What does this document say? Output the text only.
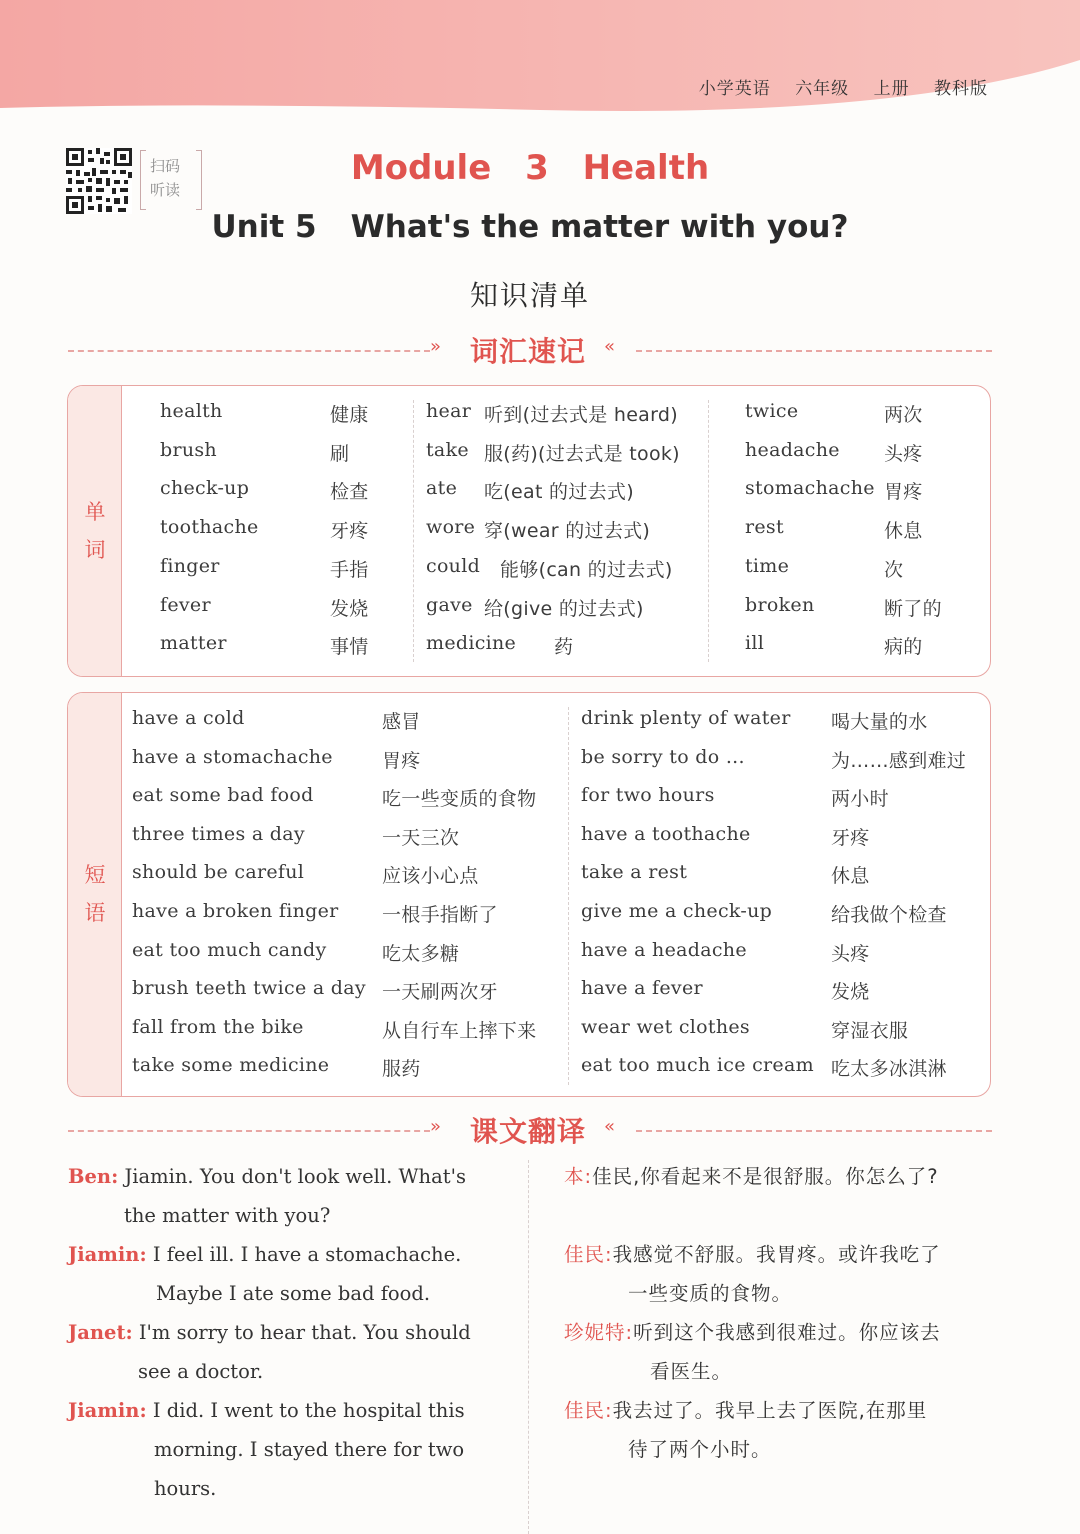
小学英语 六年级 上册 教科版
扫码
听读
Module 3 Health
Unit 5 What's the matter with you?
知识清单
» 词汇速记 «
单
词
health	健康
brush	刷
check-up	检查
toothache	牙疼
finger	手指
fever	发烧
matter	事情
hear 听到(过去式是 heard)
take 服(药)(过去式是 took)
ate 吃(eat 的过去式)
wore 穿(wear 的过去式)
could 能够(can 的过去式)
gave 给(give 的过去式)
medicine 药
twice	两次
headache 头疼
stomachache 胃疼
rest	休息
time	次
broken	断了的
ill	病的
短
语
have a cold	感冒
have a stomachache	胃疼
eat some bad food	吃一些变质的食物
three times a day	一天三次
should be careful	应该小心点
have a broken finger 一根手指断了
eat too much candy	吃太多糖
brush teeth twice a day 一天刷两次牙
fall from the bike	从自行车上摔下来
take some medicine	服药
drink plenty of water 喝大量的水
be sorry to do ...	为……感到难过
for two hours	两小时
have a toothache	牙疼
take a rest	休息
give me a check-up	给我做个检查
have a headache	头疼
have a fever	发烧
wear wet clothes	穿湿衣服
eat too much ice cream 吃太多冰淇淋
» 课文翻译 «
Ben: Jiamin. You don't look well. What's
the matter with you?
Jiamin: I feel ill. I have a stomachache.
Maybe I ate some bad food.
Janet: I'm sorry to hear that. You should
see a doctor.
Jiamin: I did. I went to the hospital this
morning. I stayed there for two
hours.
本:佳民,你看起来不是很舒服。你怎么了?
佳民:我感觉不舒服。我胃疼。或许我吃了
一些变质的食物。
珍妮特:听到这个我感到很难过。你应该去
看医生。
佳民:我去过了。我早上去了医院,在那里
待了两个小时。
